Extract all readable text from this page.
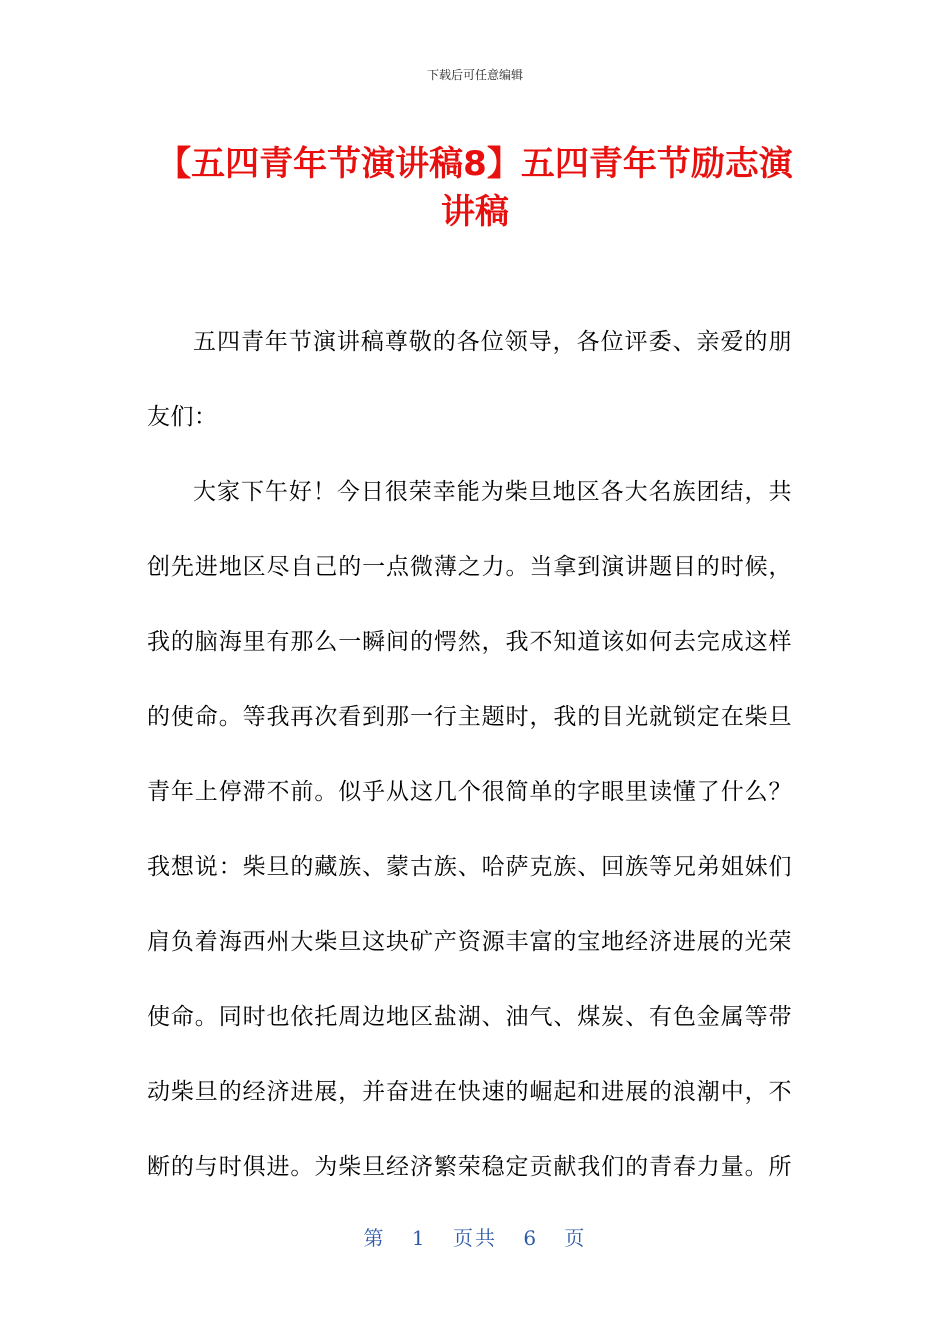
下载后可任意编辑
【五四青年节演讲稿8】五四青年节励志演
讲稿
五四青年节演讲稿尊敬的各位领导，各位评委、亲爱的朋
友们：
大家下午好！今日很荣幸能为柴旦地区各大名族团结，共
创先进地区尽自己的一点微薄之力。当拿到演讲题目的时候，
我的脑海里有那么一瞬间的愕然，我不知道该如何去完成这样
的使命。等我再次看到那一行主题时，我的目光就锁定在柴旦
青年上停滞不前。似乎从这几个很简单的字眼里读懂了什么？
我想说：柴旦的藏族、蒙古族、哈萨克族、回族等兄弟姐妹们
肩负着海西州大柴旦这块矿产资源丰富的宝地经济进展的光荣
使命。同时也依托周边地区盐湖、油气、煤炭、有色金属等带
动柴旦的经济进展，并奋进在快速的崛起和进展的浪潮中，不
断的与时俱进。为柴旦经济繁荣稳定贡献我们的青春力量。所
第 1 页共 6 页
